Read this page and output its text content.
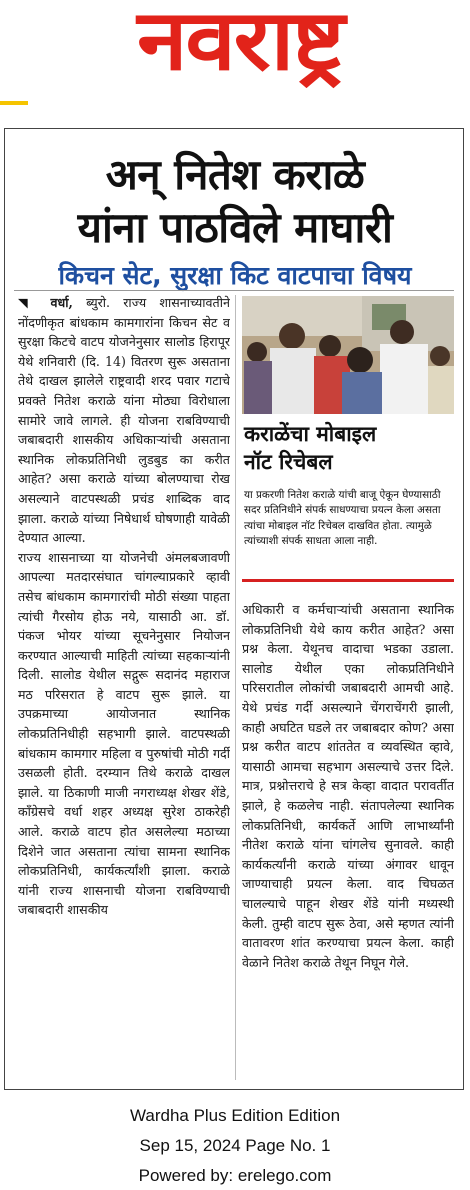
नवराष्ट्र
अन् नितेश कराळे
यांना पाठविले माघारी
किचन सेट, सुरक्षा किट वाटपाचा विषय

◥ वर्धा, ब्युरो. राज्य शासनाच्यावतीने नोंदणीकृत बांधकाम कामगारांना किचन सेट व सुरक्षा किटचे वाटप योजनेनुसार सालोड हिरापूर येथे शनिवारी (दि. 14) वितरण सुरू असताना तेथे दाखल झालेले राष्ट्रवादी शरद पवार गटाचे प्रवक्ते नितेश कराळे यांना मोठ्या विरोधाला सामोरे जावे लागले. ही योजना राबविण्याची जबाबदारी शासकीय अधिकाऱ्यांची असताना स्थानिक लोकप्रतिनिधी लुडबुड का करीत आहेत? असा कराळे यांच्या बोलण्याचा रोख असल्याने वाटपस्थळी प्रचंड शाब्दिक वाद झाला. कराळे यांच्या निषेधार्थ घोषणाही यावेळी देण्यात आल्या.

राज्य शासनाच्या या योजनेची अंमलबजावणी आपल्या मतदारसंघात चांगल्याप्रकारे व्हावी तसेच बांधकाम कामगारांची मोठी संख्या पाहता त्यांची गैरसोय होऊ नये, यासाठी आ. डॉ. पंकज भोयर यांच्या सूचनेनुसार नियोजन करण्यात आल्याची माहिती त्यांच्या सहकाऱ्यांनी दिली. सालोड येथील सद्गुरू सदानंद महाराज मठ परिसरात हे वाटप सुरू झाले. या उपक्रमाच्या आयोजनात स्थानिक लोकप्रतिनिधीही सहभागी झाले. वाटपस्थळी बांधकाम कामगार महिला व पुरुषांची मोठी गर्दी उसळली होती. दरम्यान तिथे कराळे दाखल झाले. या ठिकाणी माजी नगराध्यक्ष शेखर शेंडे, काँग्रेसचे वर्धा शहर अध्यक्ष सुरेश ठाकरेही आले. कराळे वाटप होत असलेल्या मठाच्या दिशेने जात असताना त्यांचा सामना स्थानिक लोकप्रतिनिधी, कार्यकर्त्यांशी झाला. कराळे यांनी राज्य शासनाची योजना राबविण्याची जबाबदारी शासकीय

कराळेंचा मोबाइल
नॉट रिचेबल
या प्रकरणी नितेश कराळे यांची बाजू ऐकून घेण्यासाठी सदर प्रतिनिधीने संपर्क साधण्याचा प्रयत्न केला असता त्यांचा मोबाइल नॉट रिचेबल दाखवित होता. त्यामुळे त्यांच्याशी संपर्क साधता आला नाही.

अधिकारी व कर्मचाऱ्यांची असताना स्थानिक लोकप्रतिनिधी येथे काय करीत आहेत? असा प्रश्न केला. येथूनच वादाचा भडका उडाला. सालोड येथील एका लोकप्रतिनिधीने परिसरातील लोकांची जबाबदारी आमची आहे. येथे प्रचंड गर्दी असल्याने चेंगराचेंगरी झाली, काही अघटित घडले तर जबाबदार कोण? असा प्रश्न करीत वाटप शांततेत व व्यवस्थित व्हावे, यासाठी आमचा सहभाग असल्याचे उत्तर दिले. मात्र, प्रश्नोत्तराचे हे सत्र केव्हा वादात परावर्तीत झाले, हे कळलेच नाही. संतापलेल्या स्थानिक लोकप्रतिनिधी, कार्यकर्ते आणि लाभार्थ्यांनी नीतेश कराळे यांना चांगलेच सुनावले. काही कार्यकर्त्यांनी कराळे यांच्या अंगावर धावून जाण्याचाही प्रयत्न केला. वाद चिघळत चालल्याचे पाहून शेखर शेंडे यांनी मध्यस्थी केली. तुम्ही वाटप सुरू ठेवा, असे म्हणत त्यांनी वातावरण शांत करण्याचा प्रयत्न केला. काही वेळाने नितेश कराळे तेथून निघून गेले.

Wardha Plus Edition Edition
Sep 15, 2024 Page No. 1
Powered by: erelego.com
